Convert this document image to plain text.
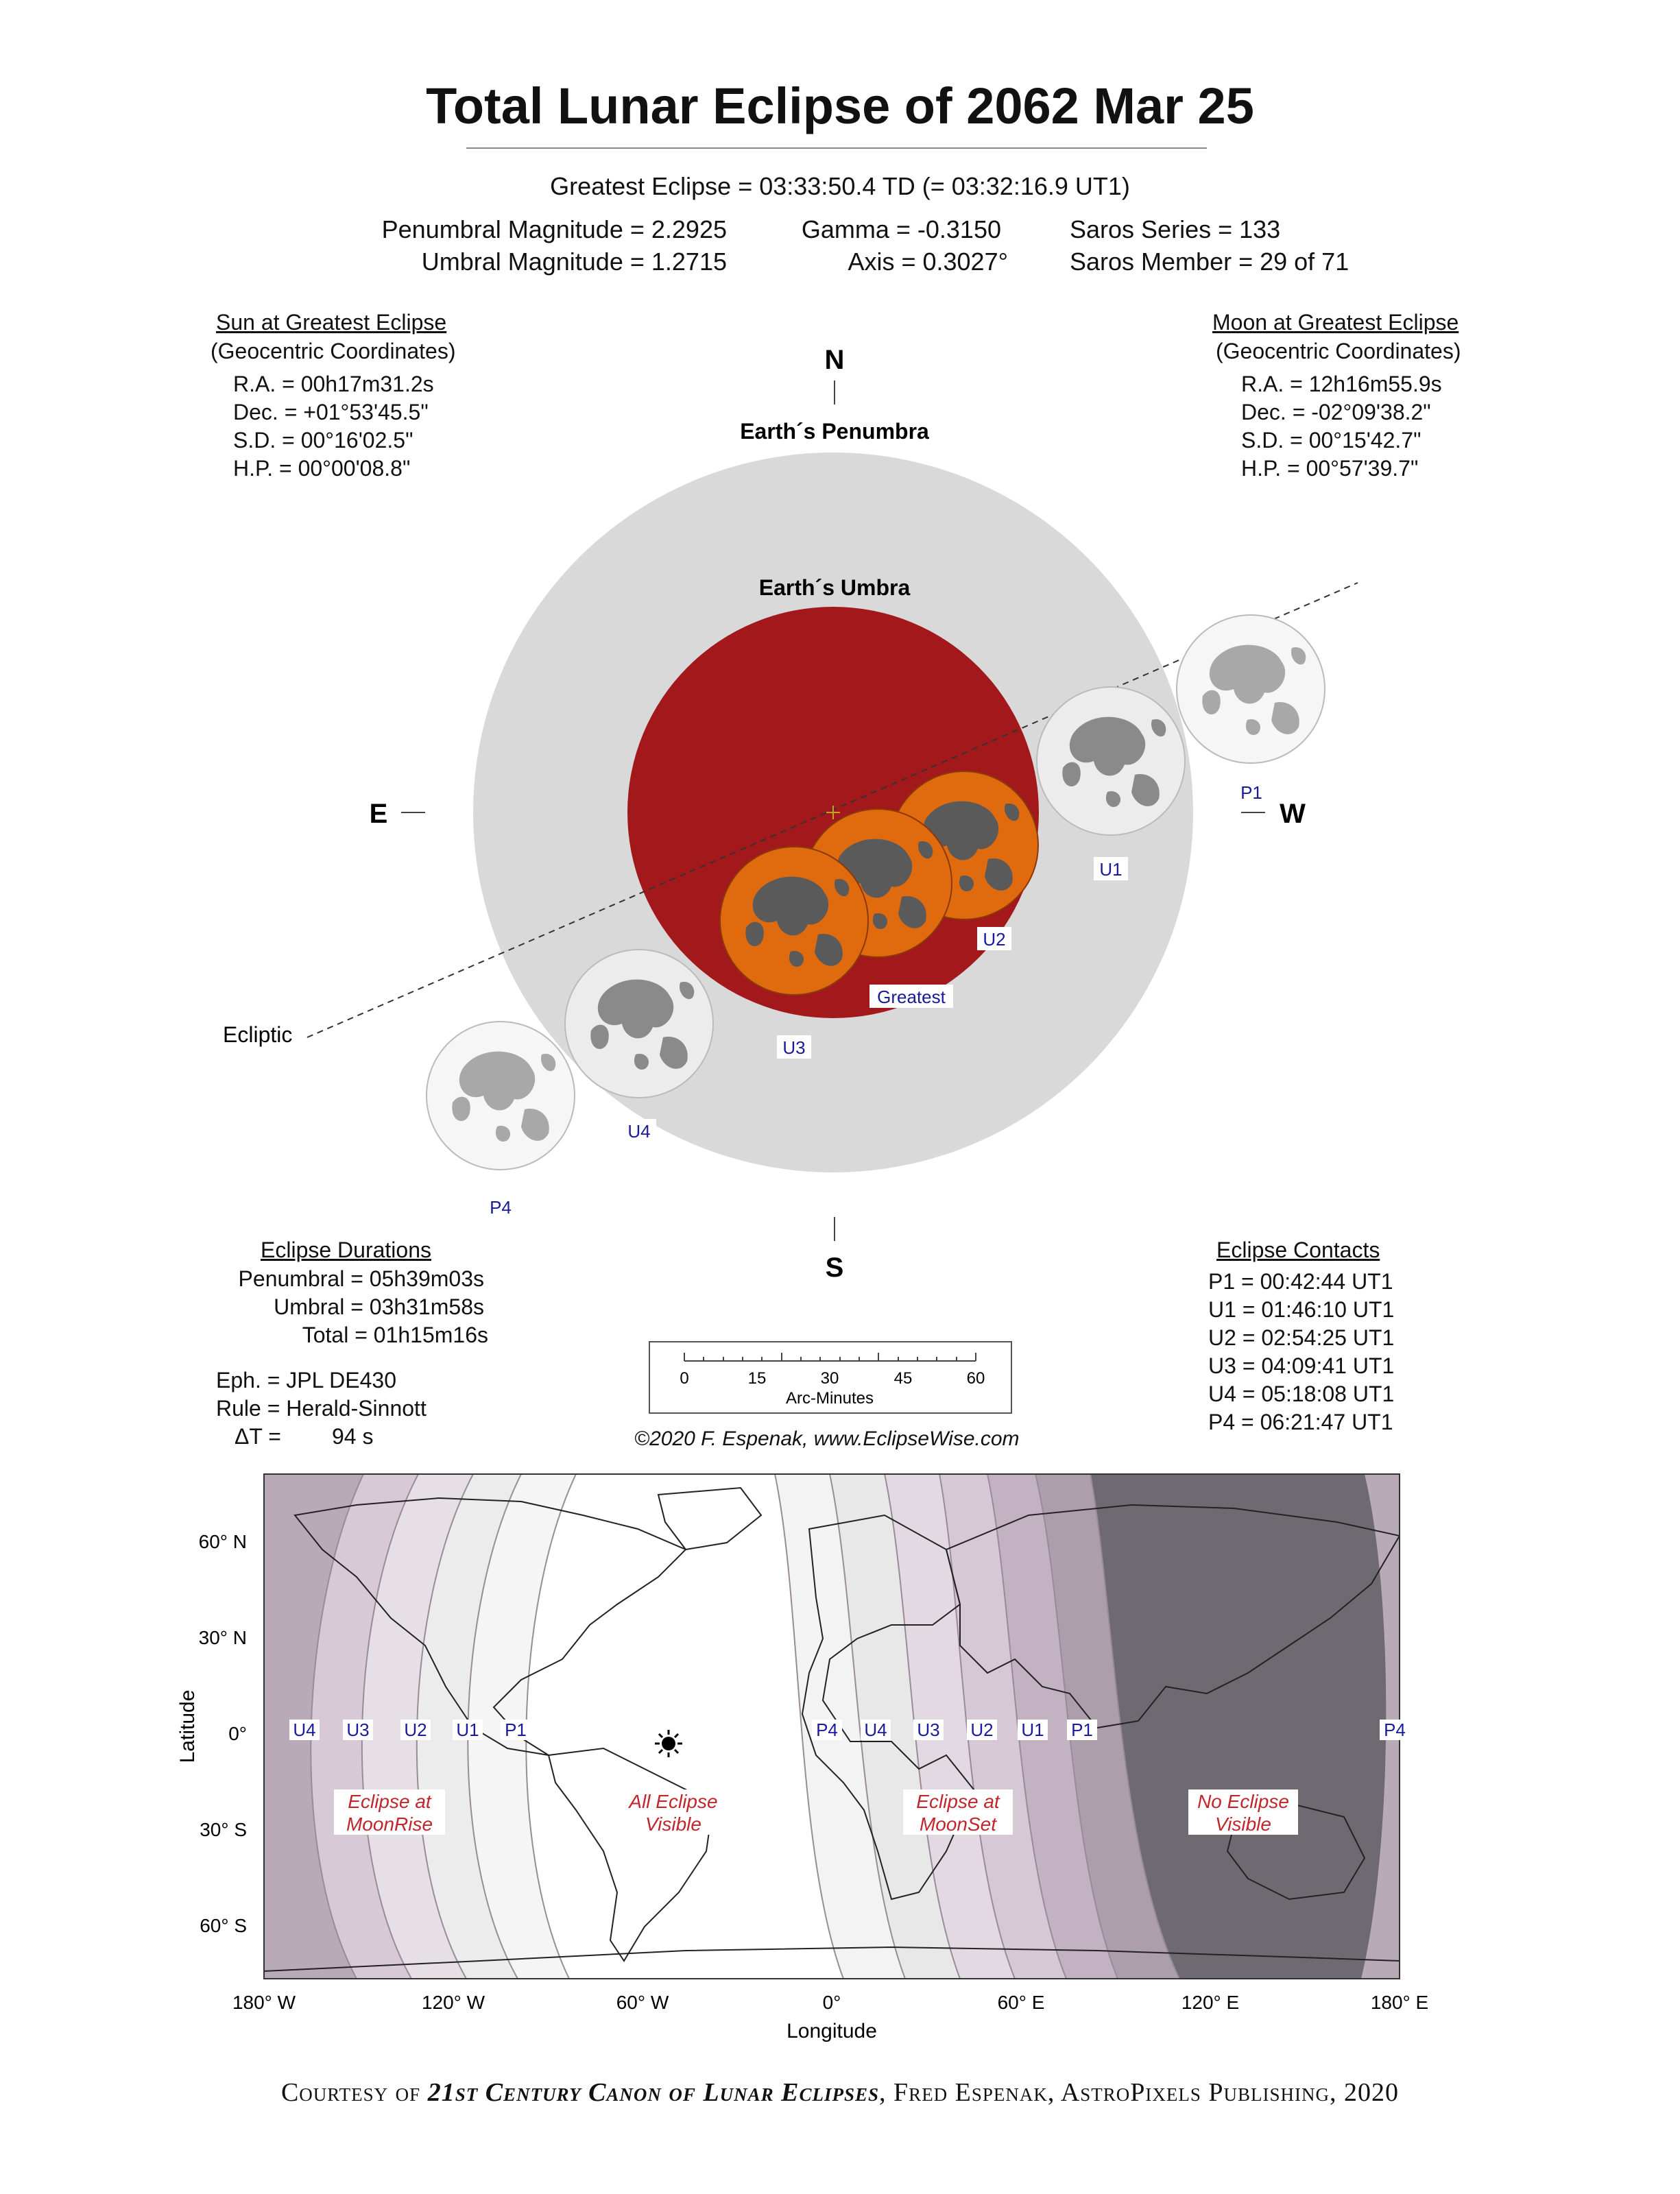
Total Lunar Eclipse of 2062 Mar 25
Greatest Eclipse = 03:33:50.4 TD (= 03:32:16.9 UT1)
Penumbral Magnitude = 2.2925
Umbral Magnitude = 1.2715
Gamma = -0.3150
Axis = 0.3027°
Saros Series = 133
Saros Member = 29 of 71
Sun at Greatest Eclipse
(Geocentric Coordinates)
R.A. = 00h17m31.2s
Dec. = +01°53'45.5"
S.D. = 00°16'02.5"
H.P. = 00°00'08.8"
Moon at Greatest Eclipse
(Geocentric Coordinates)
R.A. = 12h16m55.9s
Dec. = -02°09'38.2"
S.D. = 00°15'42.7"
H.P. = 00°57'39.7"
N
S
E	W
Earth´s Penumbra
Earth´s Umbra
Ecliptic
P1
U1
U2
Greatest
U3
U4
P4
Eclipse Durations
Penumbral = 05h39m03s
Umbral = 03h31m58s
Total = 01h15m16s
Eph. = JPL DE430
Rule = Herald-Sinnott
ΔT = 94 s
Eclipse Contacts
P1 = 00:42:44 UT1
U1 = 01:46:10 UT1
U2 = 02:54:25 UT1
U3 = 04:09:41 UT1
U4 = 05:18:08 UT1
P4 = 06:21:47 UT1
0	15	30	45	60
Arc-Minutes
©2020 F. Espenak, www.EclipseWise.com
60° N
30° N
0°
30° S
60° S
180° W	120° W	60° W	0°	60° E	120° E	180° E
Longitude
Latitude	U4 U3 U2 U1 P1	P4 U4 U3 U2 U1 P1	P4
Eclipse at
MoonRise
All Eclipse
Visible
Eclipse at
MoonSet
No Eclipse
Visible
Courtesy of 21st Century Canon of Lunar Eclipses, Fred Espenak, AstroPixels Publishing, 2020
